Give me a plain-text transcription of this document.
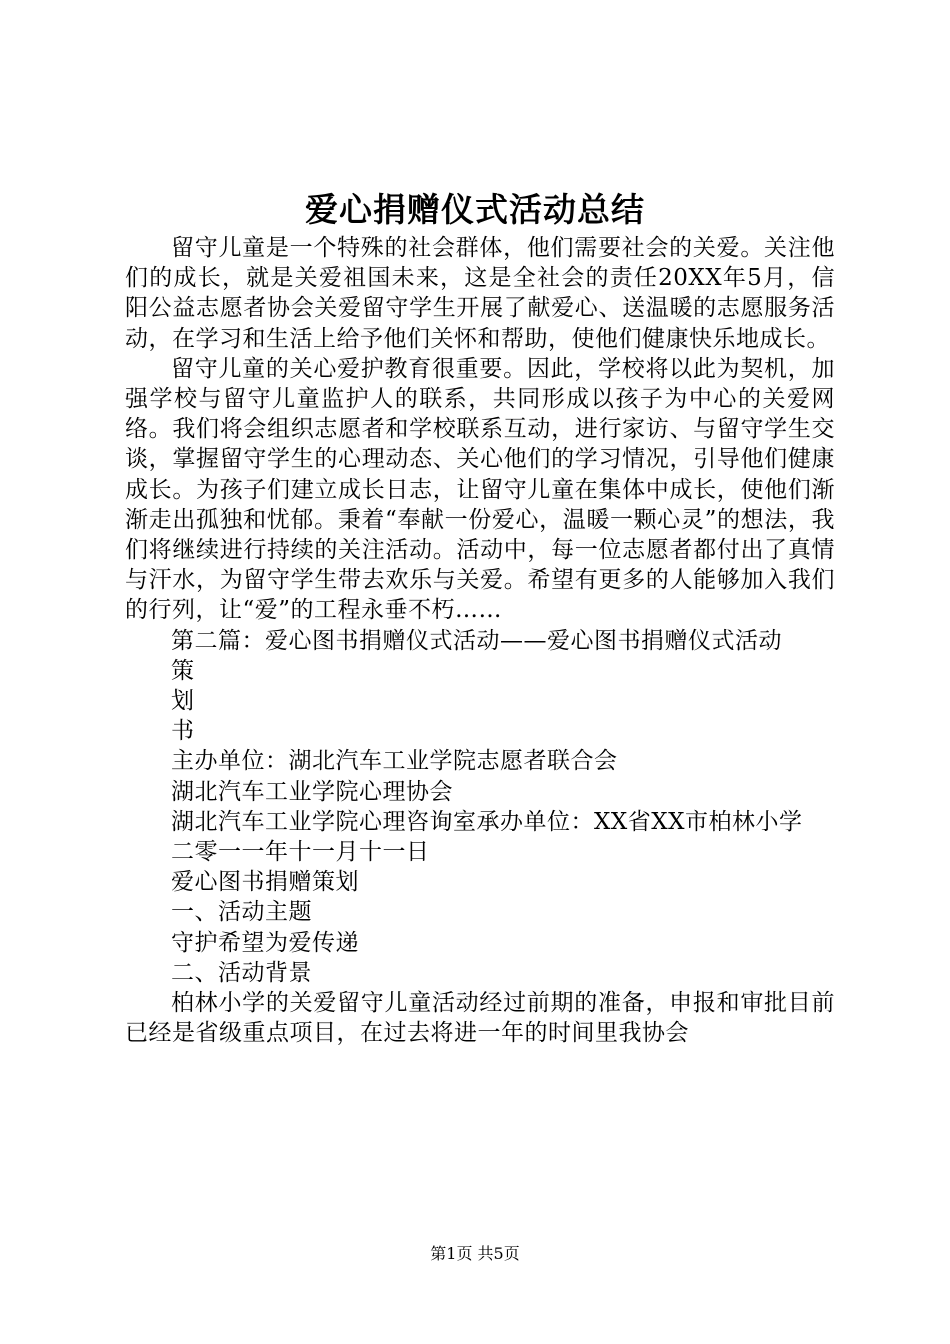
爱心捐赠仪式活动总结

留守儿童是一个特殊的社会群体，他们需要社会的关爱。关注他们的成长，就是关爱祖国未来，这是全社会的责任20XX年5月，信阳公益志愿者协会关爱留守学生开展了献爱心、送温暖的志愿服务活动，在学习和生活上给予他们关怀和帮助，使他们健康快乐地成长。

留守儿童的关心爱护教育很重要。因此，学校将以此为契机，加强学校与留守儿童监护人的联系，共同形成以孩子为中心的关爱网络。我们将会组织志愿者和学校联系互动，进行家访、与留守学生交谈，掌握留守学生的心理动态、关心他们的学习情况，引导他们健康成长。为孩子们建立成长日志，让留守儿童在集体中成长，使他们渐渐走出孤独和忧郁。秉着“奉献一份爱心，温暖一颗心灵”的想法，我们将继续进行持续的关注活动。活动中，每一位志愿者都付出了真情与汗水，为留守学生带去欢乐与关爱。希望有更多的人能够加入我们的行列，让“爱”的工程永垂不朽……

第二篇：爱心图书捐赠仪式活动——爱心图书捐赠仪式活动

策

划

书

主办单位：湖北汽车工业学院志愿者联合会

湖北汽车工业学院心理协会

湖北汽车工业学院心理咨询室承办单位：XX省XX市柏林小学

二零一一年十一月十一日

爱心图书捐赠策划

一、活动主题

守护希望为爱传递

二、活动背景

柏林小学的关爱留守儿童活动经过前期的准备，申报和审批目前已经是省级重点项目，在过去将进一年的时间里我协会

第1页 共5页
